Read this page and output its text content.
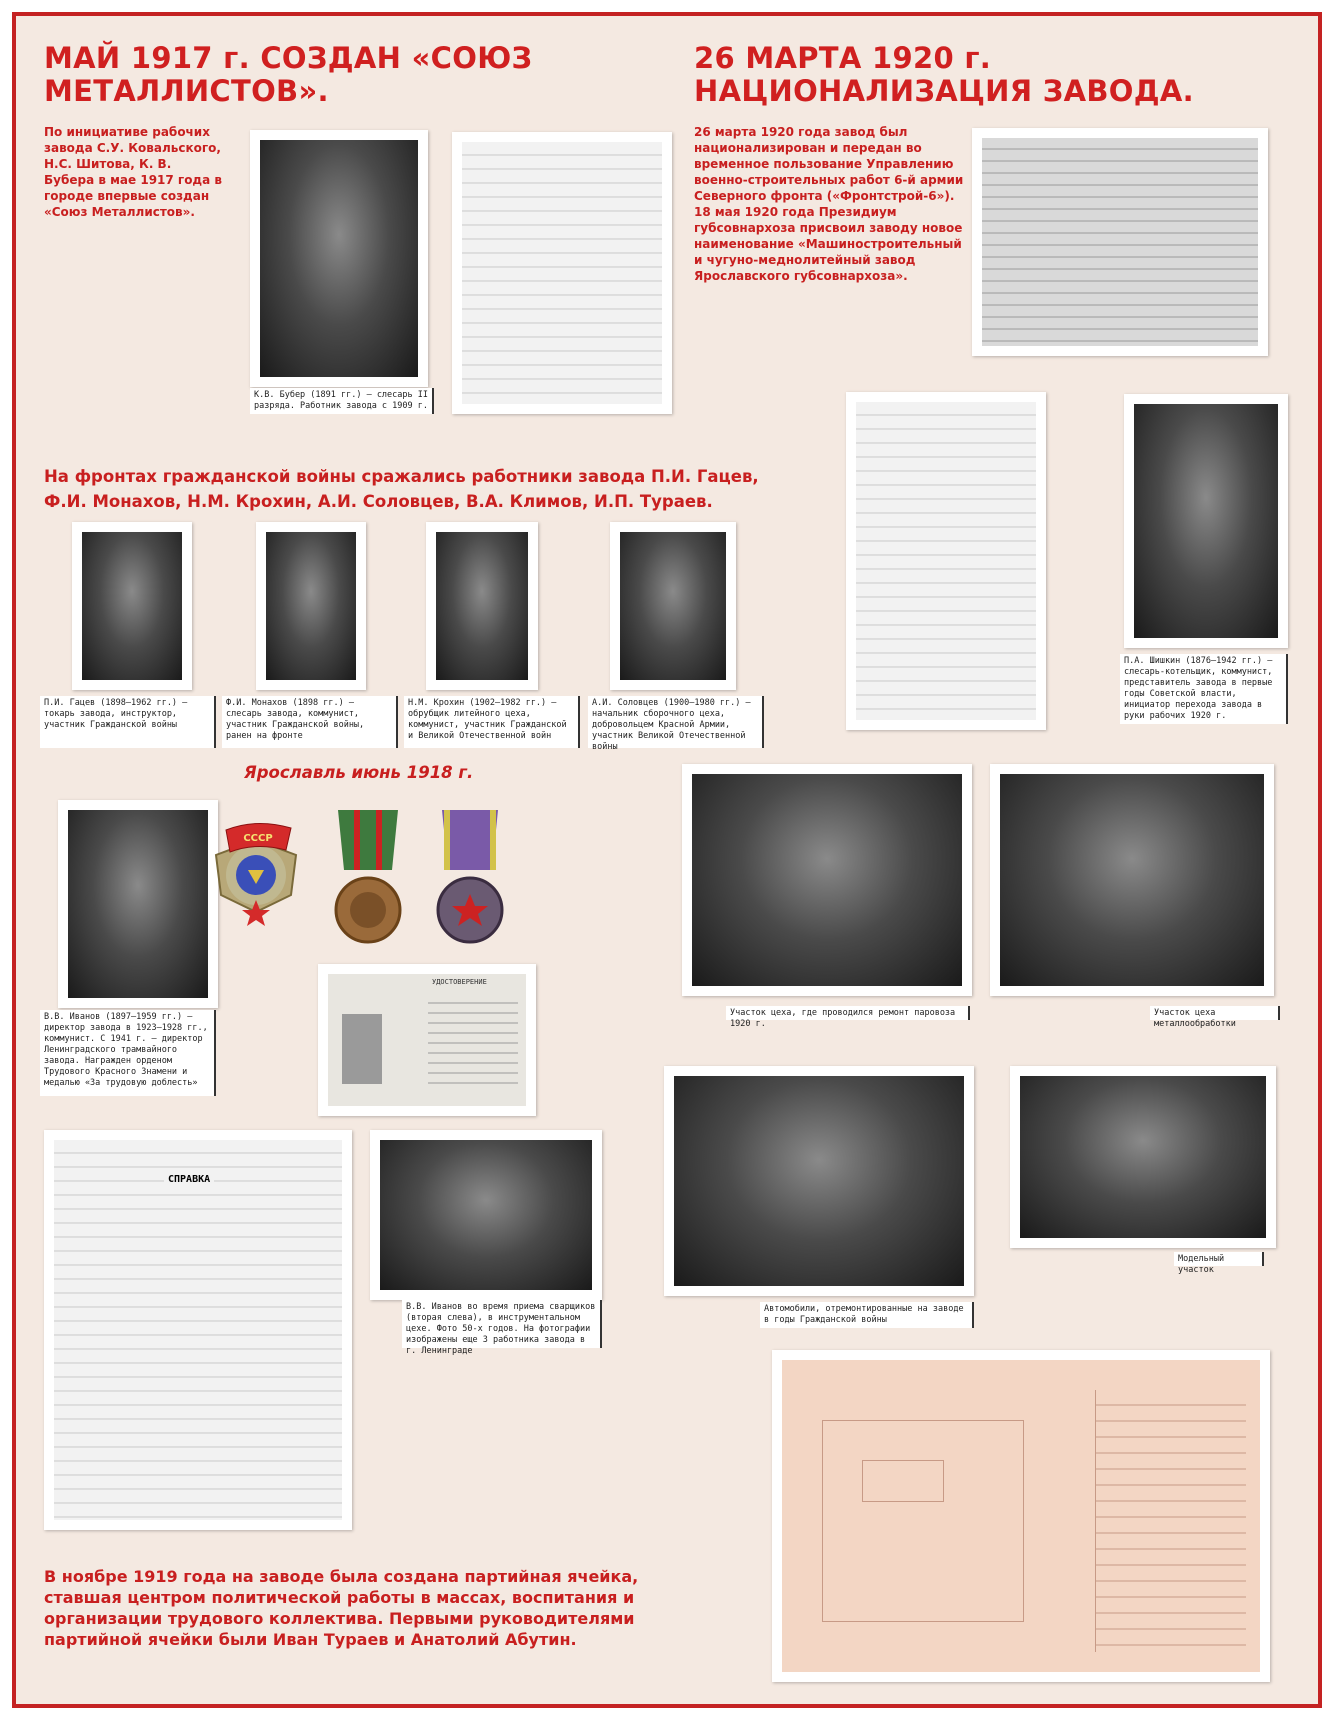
МАЙ 1917 г. СОЗДАН «СОЮЗ МЕТАЛЛИСТОВ».
По инициативе рабочих завода С.У. Ковальского, Н.С. Шитова, К. В. Бубера в мае 1917 года в городе впервые создан «Союз Металлистов».
К.В. Бубер (1891 гг.) – слесарь II разряда. Работник завода с 1909 г.
26 МАРТА 1920 г. НАЦИОНАЛИЗАЦИЯ ЗАВОДА.
26 марта 1920 года завод был национализирован и передан во временное пользование Управлению военно-строительных работ 6-й армии Северного фронта («Фронтстрой-6»). 18 мая 1920 года Президиум губсовнархоза присвоил заводу новое наименование «Машиностроительный и чугуно-меднолитейный завод Ярославского губсовнархоза».
П.А. Шишкин (1876–1942 гг.) – слесарь-котельщик, коммунист, представитель завода в первые годы Советской власти, инициатор перехода завода в руки рабочих 1920 г.
На фронтах гражданской войны сражались работники завода П.И. Гацев, Ф.И. Монахов, Н.М. Крохин, А.И. Соловцев, В.А. Климов, И.П. Тураев.
П.И. Гацев (1898–1962 гг.) – токарь завода, инструктор, участник Гражданской войны
Ф.И. Монахов (1898 гг.) – слесарь завода, коммунист, участник Гражданской войны, ранен на фронте
Н.М. Крохин (1902–1982 гг.) – обрубщик литейного цеха, коммунист, участник Гражданской и Великой Отечественной войн
А.И. Соловцев (1900–1980 гг.) – начальник сборочного цеха, добровольцем Красной Армии, участник Великой Отечественной войны
Ярославль июнь 1918 г.
В.В. Иванов (1897–1959 гг.) – директор завода в 1923–1928 гг., коммунист. С 1941 г. – директор Ленинградского трамвайного завода. Награжден орденом Трудового Красного Знамени и медалью «За трудовую доблесть»
СССР
УДОСТОВЕРЕНИЕ
Участок цеха, где проводился ремонт паровоза 1920 г.
Участок цеха металлообработки
Автомобили, отремонтированные на заводе в годы Гражданской войны
Модельный участок
СПРАВКА
В.В. Иванов во время приема сварщиков (вторая слева), в инструментальном цехе. Фото 50-х годов. На фотографии изображены еще 3 работника завода в г. Ленинграде
В ноябре 1919 года на заводе была создана партийная ячейка, ставшая центром политической работы в массах, воспитания и организации трудового коллектива. Первыми руководителями партийной ячейки были Иван Тураев и Анатолий Абутин.
